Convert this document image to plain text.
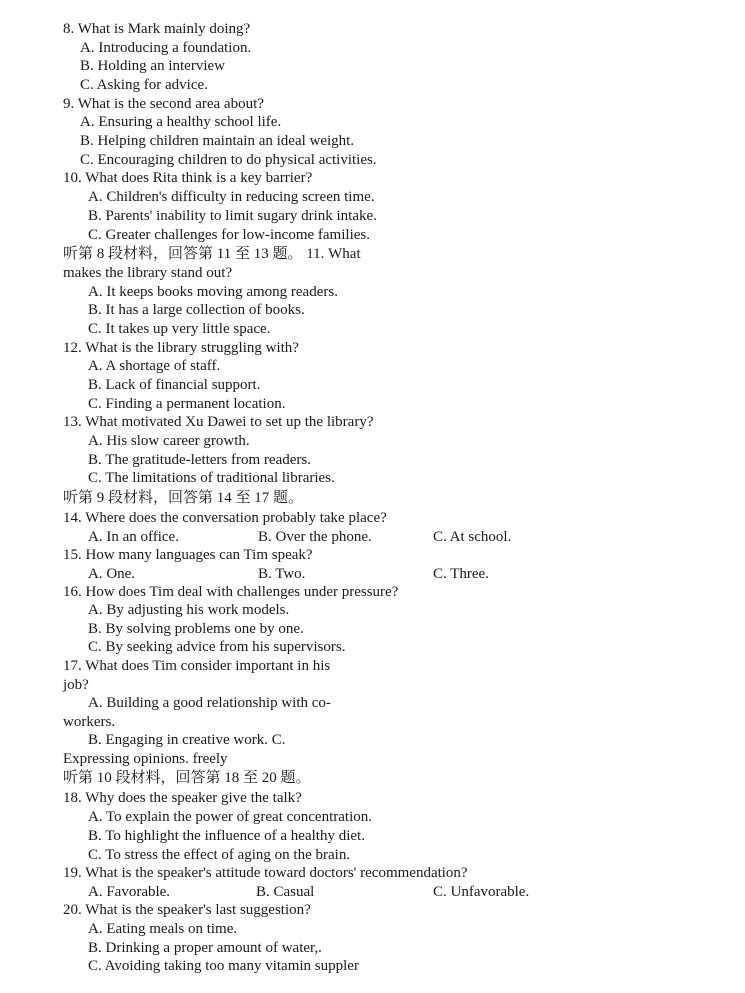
8. What is Mark mainly doing?
A. Introducing a foundation.
B. Holding an interview
C. Asking for advice.
9. What is the second area about?
A. Ensuring a healthy school life.
B. Helping children maintain an ideal weight.
C. Encouraging children to do physical activities.
10. What does Rita think is a key barrier?
A. Children's difficulty in reducing screen time.
B. Parents' inability to limit sugary drink intake.
C. Greater challenges for low-income families.
听第 8 段材料，回答第 11 至 13 题。 11. What
makes the library stand out?
A. It keeps books moving among readers.
B. It has a large collection of books.
C. It takes up very little space.
12. What is the library struggling with?
A. A shortage of staff.
B. Lack of financial support.
C. Finding a permanent location.
13. What motivated Xu Dawei to set up the library?
A. His slow career growth.
B. The gratitude-letters from readers.
C. The limitations of traditional libraries.
听第 9 段材料，回答第 14 至 17 题。
14. Where does the conversation probably take place?
A. In an office.	B. Over the phone.	C. At school.
15. How many languages can Tim speak?
A. One.	B. Two.	C. Three.
16. How does Tim deal with challenges under pressure?
A. By adjusting his work models.
B. By solving problems one by one.
C. By seeking advice from his supervisors.
17. What does Tim consider important in his
job?
A. Building a good relationship with co-
workers.
B. Engaging in creative work. C.
Expressing opinions. freely
听第 10 段材料，回答第 18 至 20 题。
18. Why does the speaker give the talk?
A. To explain the power of great concentration.
B. To highlight the influence of a healthy diet.
C. To stress the effect of aging on the brain.
19. What is the speaker's attitude toward doctors' recommendation?
A. Favorable.	B. Casual	C. Unfavorable.
20. What is the speaker's last suggestion?
A. Eating meals on time.
B. Drinking a proper amount of water,.
C. Avoiding taking too many vitamin suppler
